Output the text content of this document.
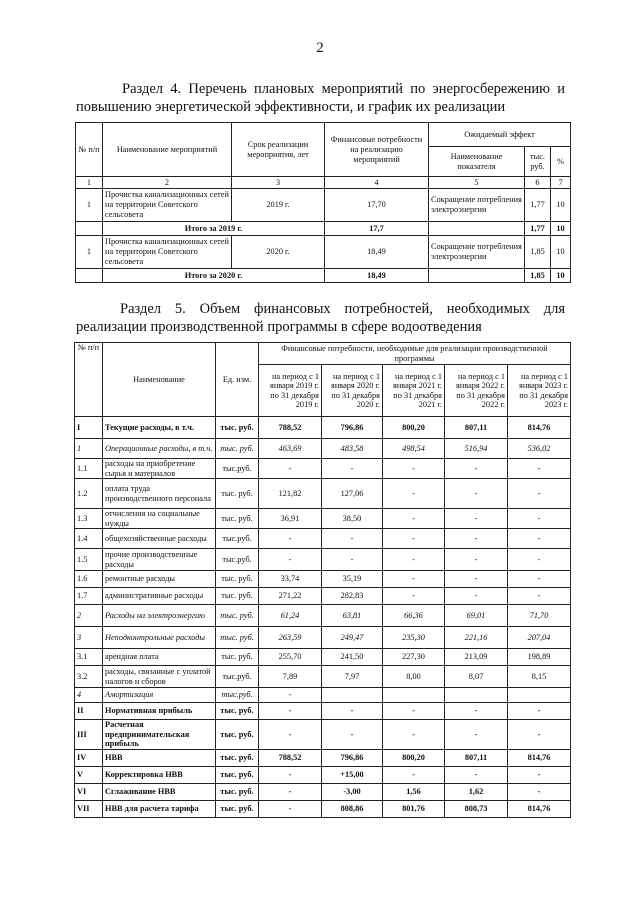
2
Раздел 4. Перечень плановых мероприятий по энергосбережению и повышению энергетической эффективности, и график их реализации
№ п/п	Наименование мероприятий	Срок реализации мероприятия, лет	Финансовые потребности на реализацию мероприятий	Ожидаемый эффект		
				Наименование показателя	тыс. руб.	%
1	2	3	4	5	6	7
1	Прочистка канализационных сетей на территории Советского сельсовета	2019 г.	17,70	Сокращение потребления электроэнергии	1,77	10
	Итого за 2019 г.		17,7		1,77	10
1	Прочистка канализационных сетей на территории Советского сельсовета	2020 г.	18,49	Сокращение потребления электроэнергии	1,85	10
	Итого за 2020 г.		18,49		1,85	10
Раздел 5. Объем финансовых потребностей, необходимых для реализации производственной программы в сфере водоотведения
№ п/п	Наименование	Ед. изм.	Финансовые потребности, необходимые для реализации производственной программы				
			на период с 1 января 2019 г. по 31 декабря 2019 г.	на период с 1 января 2020 г. по 31 декабря 2020 г.	на период с 1 января 2021 г. по 31 декабря 2021 г.	на период с 1 января 2022 г. по 31 декабря 2022 г.	на период с 1 января 2023 г. по 31 декабря 2023 г.
I	Текущие расходы, в т.ч.	тыс. руб.	788,52	796,86	800,20	807,11	814,76
1	Операционные расходы, в т.ч.	тыс. руб.	463,69	483,58	498,54	516,94	536,02
1.1	расходы на приобретение сырья и материалов	тыс.руб.	-	-	-	-	-
1.2	оплата труда производственного персонала	тыс. руб.	121,82	127,06	-	-	-
1.3	отчисления на социальные нужды	тыс. руб.	36,91	38,50	-	-	-
1.4	общехозяйственные расходы	тыс.руб.	-	-	-	-	-
1.5	прочие производственные расходы	тыс.руб.	-	-	-	-	-
1.6	ремонтные расходы	тыс. руб.	33,74	35,19	-	-	-
1.7	административные расходы	тыс. руб.	271,22	282,83	-	-	-
2	Расходы на электроэнергию	тыс. руб.	61,24	63,81	66,36	69,01	71,70
3	Неподконтрольные расходы	тыс. руб.	263,59	249,47	235,30	221,16	207,04
3.1	арендная плата	тыс. руб.	255,70	241,50	227,30	213,09	198,89
3.2	расходы, связанные с уплатой налогов и сборов	тыс.руб.	7,89	7,97	8,00	8,07	8,15
4	Амортизация	тыс.руб.	-				
II	Нормативная прибыль	тыс. руб.	-	-	-	-	-
III	Расчетная предпринимательская прибыль	тыс. руб.	-	-	-	-	-
IV	НВВ	тыс. руб.	788,52	796,86	800,20	807,11	814,76
V	Корректировка НВВ	тыс. руб.	-	+15,00	-	-	-
VI	Сглаживание НВВ	тыс. руб.	-	-3,00	1,56	1,62	-
VII	НВВ для расчета тарифа	тыс. руб.	-	808,86	801,76	808,73	814,76
